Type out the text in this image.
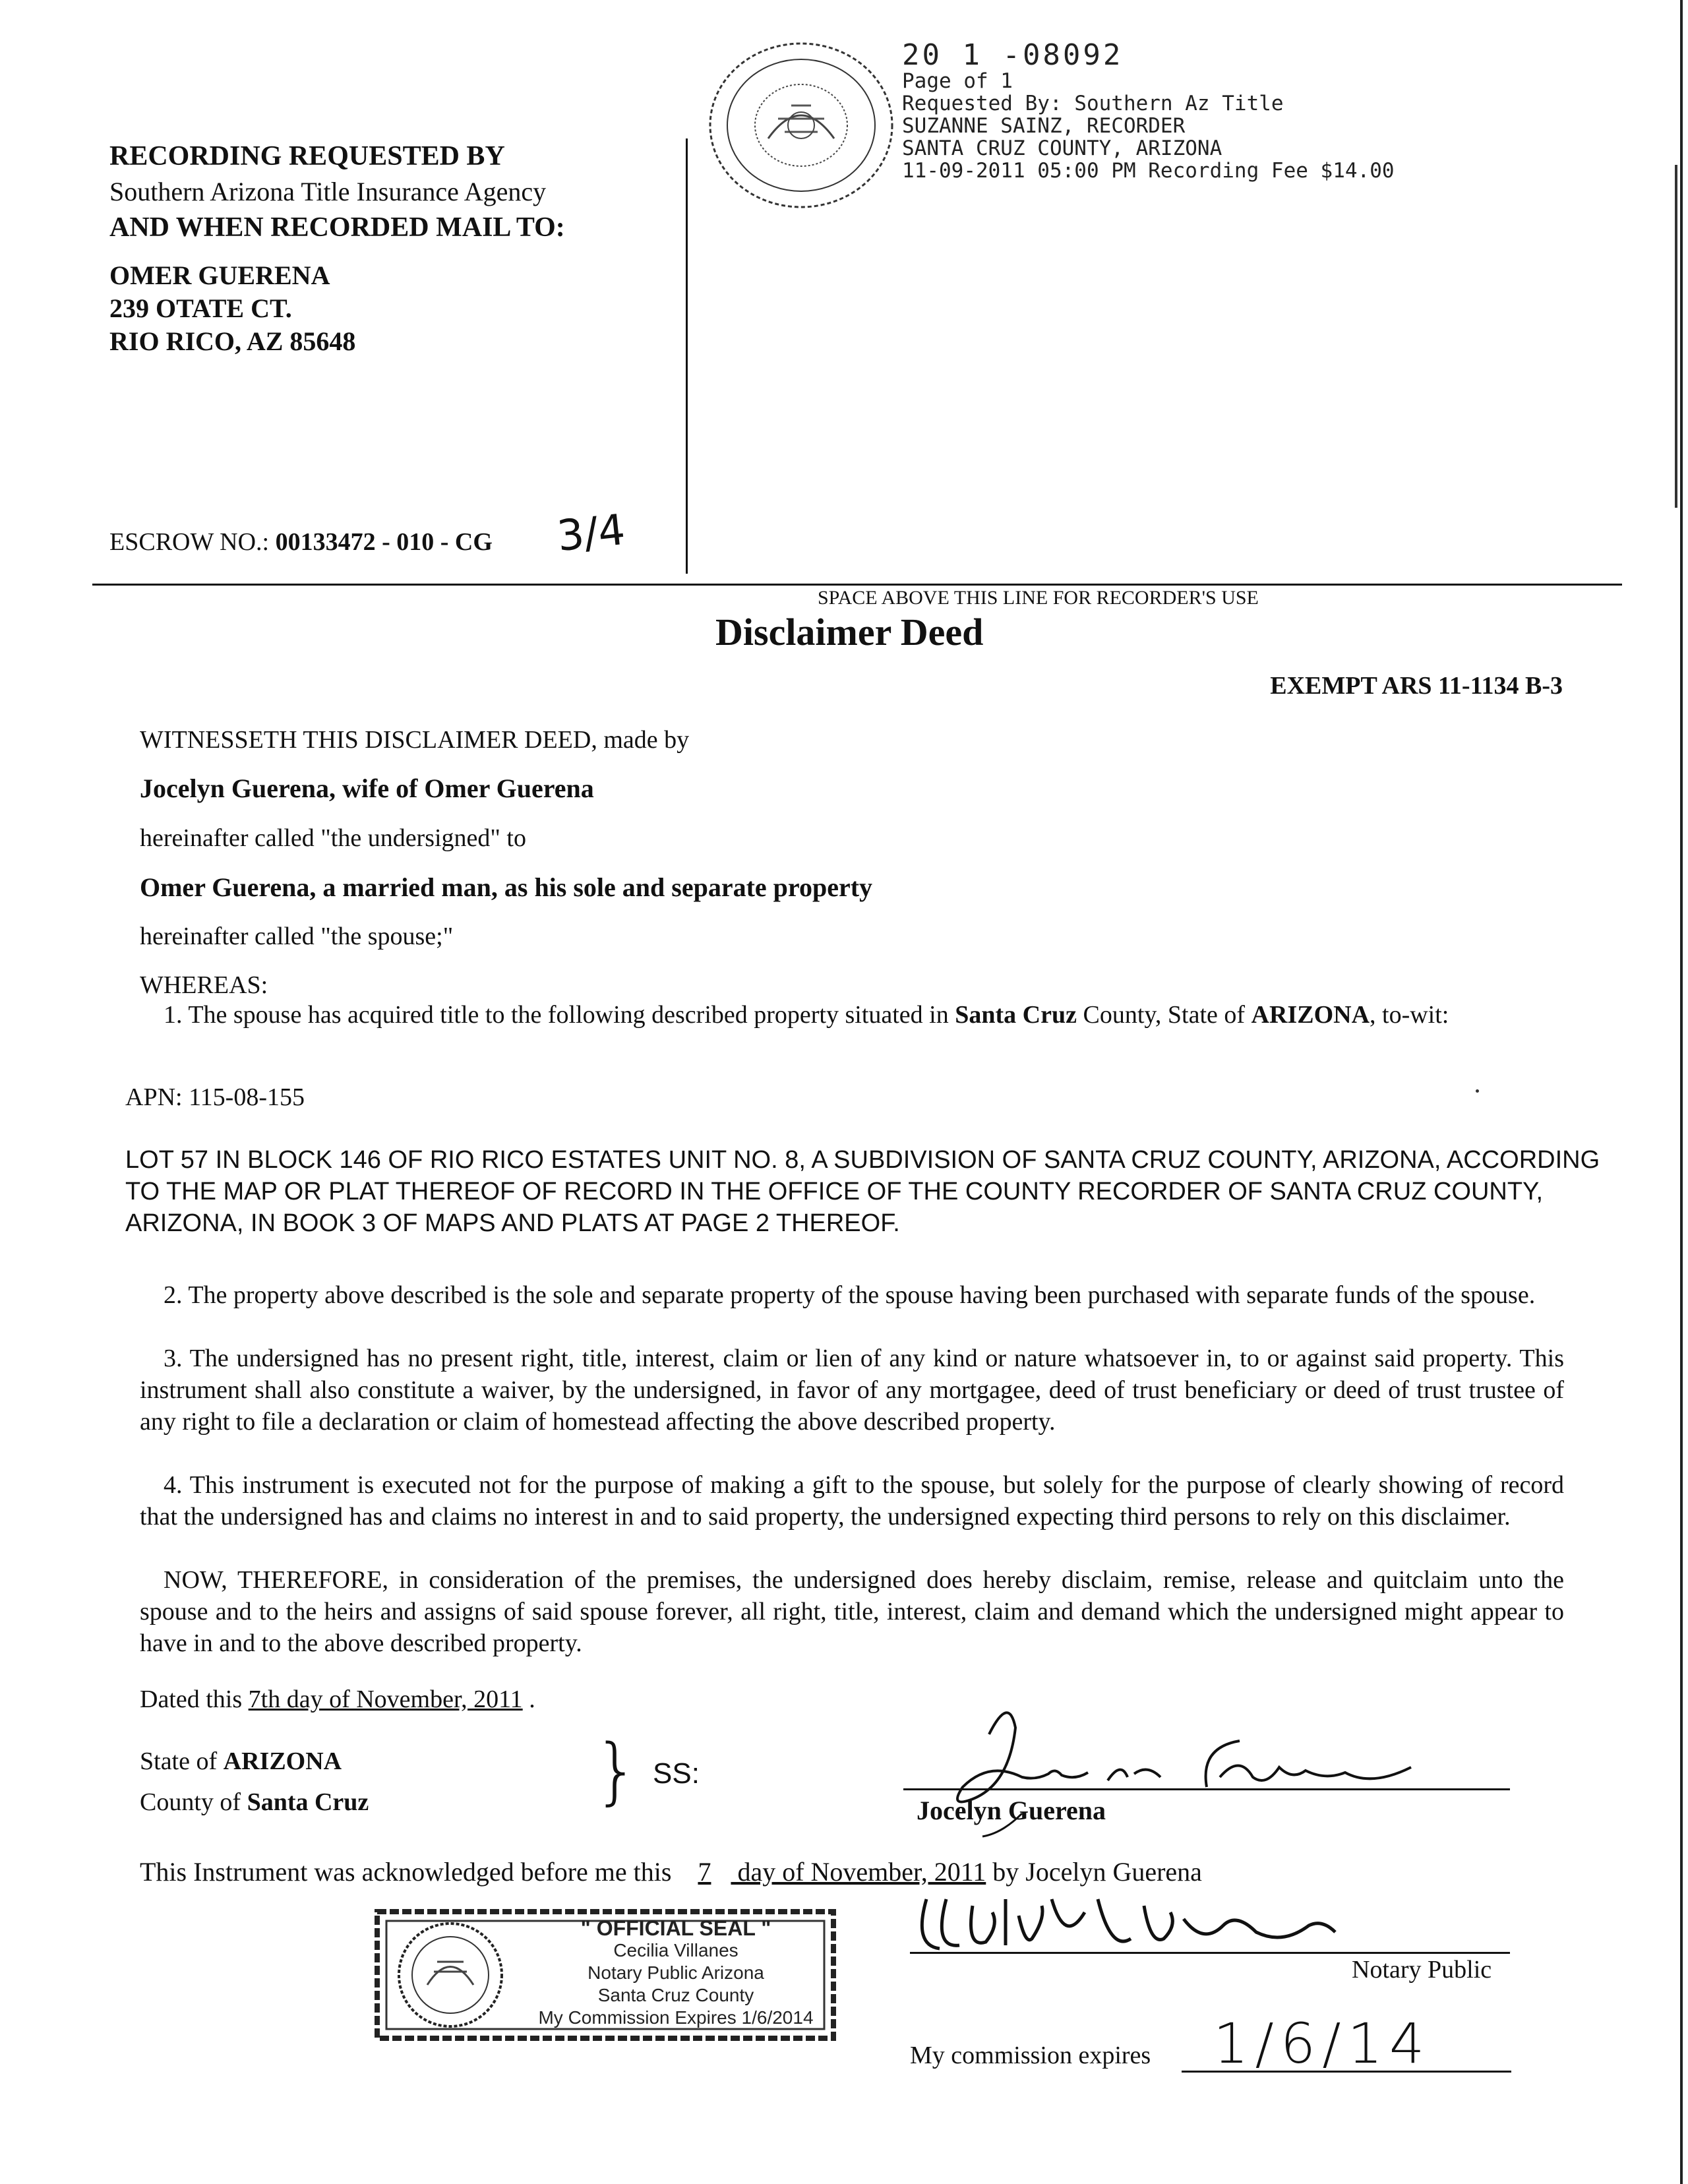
RECORDING REQUESTED BY
Southern Arizona Title Insurance Agency
AND WHEN RECORDED MAIL TO:
OMER GUERENA
239 OTATE CT.
RIO RICO, AZ 85648
ESCROW NO.: 00133472 - 010 - CG 3/4
20 1 -08092
Page of 1
Requested By: Southern Az Title
SUZANNE SAINZ, RECORDER
SANTA CRUZ COUNTY, ARIZONA
11-09-2011 05:00 PM Recording Fee $14.00
SPACE ABOVE THIS LINE FOR RECORDER'S USE
Disclaimer Deed
EXEMPT ARS 11-1134 B-3
WITNESSETH THIS DISCLAIMER DEED, made by
Jocelyn Guerena, wife of Omer Guerena
hereinafter called "the undersigned" to
Omer Guerena, a married man, as his sole and separate property
hereinafter called "the spouse;"
WHEREAS:
1. The spouse has acquired title to the following described property situated in Santa Cruz County, State of ARIZONA, to-wit:
APN: 115-08-155
LOT 57 IN BLOCK 146 OF RIO RICO ESTATES UNIT NO. 8, A SUBDIVISION OF SANTA CRUZ COUNTY, ARIZONA, ACCORDING TO THE MAP OR PLAT THEREOF OF RECORD IN THE OFFICE OF THE COUNTY RECORDER OF SANTA CRUZ COUNTY, ARIZONA, IN BOOK 3 OF MAPS AND PLATS AT PAGE 2 THEREOF.
2. The property above described is the sole and separate property of the spouse having been purchased with separate funds of the spouse.
3. The undersigned has no present right, title, interest, claim or lien of any kind or nature whatsoever in, to or against said property. This instrument shall also constitute a waiver, by the undersigned, in favor of any mortgagee, deed of trust beneficiary or deed of trust trustee of any right to file a declaration or claim of homestead affecting the above described property.
4. This instrument is executed not for the purpose of making a gift to the spouse, but solely for the purpose of clearly showing of record that the undersigned has and claims no interest in and to said property, the undersigned expecting third persons to rely on this disclaimer.
NOW, THEREFORE, in consideration of the premises, the undersigned does hereby disclaim, remise, release and quitclaim unto the spouse and to the heirs and assigns of said spouse forever, all right, title, interest, claim and demand which the undersigned might appear to have in and to the above described property.
Dated this 7th day of November, 2011 .
State of ARIZONA
County of Santa Cruz	} SS:
Jocelyn Guerena
This Instrument was acknowledged before me this 7 day of November, 2011 by Jocelyn Guerena
" OFFICIAL SEAL "
Cecilia Villanes
Notary Public Arizona
Santa Cruz County
My Commission Expires 1/6/2014
Notary Public
My commission expires 1/6/14
